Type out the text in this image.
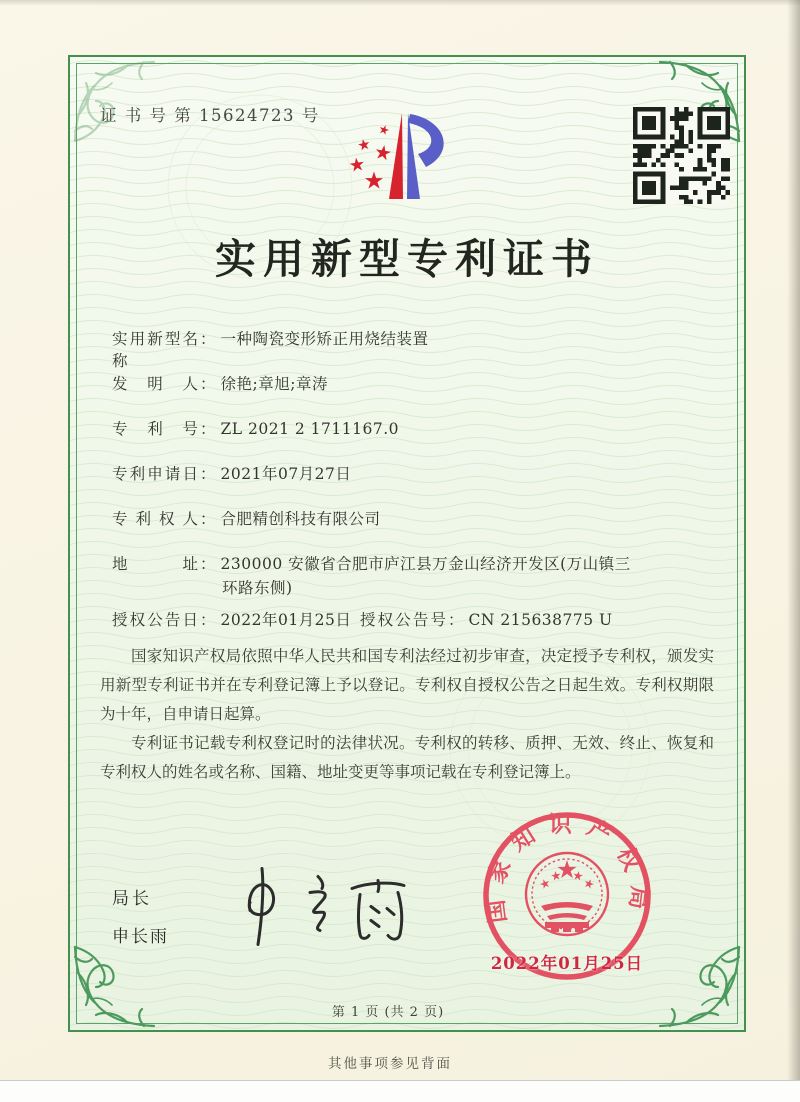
证 书 号 第 15624723 号
实用新型专利证书
实用新型名称： 一种陶瓷变形矫正用烧结装置
发明人 ： 徐艳;章旭;章涛
专利号 ： ZL 2021 2 1711167.0
专利申请日 ： 2021年07月27日
专利权人 ： 合肥精创科技有限公司
地址 ： 230000 安徽省合肥市庐江县万金山经济开发区(万山镇三
环路东侧)
授权公告日 ： 2022年01月25日 授权公告号 ： CN 215638775 U

国家知识产权局依照中华人民共和国专利法经过初步审查，决定授予专利权，颁发实用新型专利证书并在专利登记簿上予以登记。专利权自授权公告之日起生效。专利权期限为十年，自申请日起算。

专利证书记载专利权登记时的法律状况。专利权的转移、质押、无效、终止、恢复和专利权人的姓名或名称、国籍、地址变更等事项记载在专利登记簿上。

局长
申长雨
国家知识产权局
2022年01月25日
第 1 页 (共 2 页)
其他事项参见背面
